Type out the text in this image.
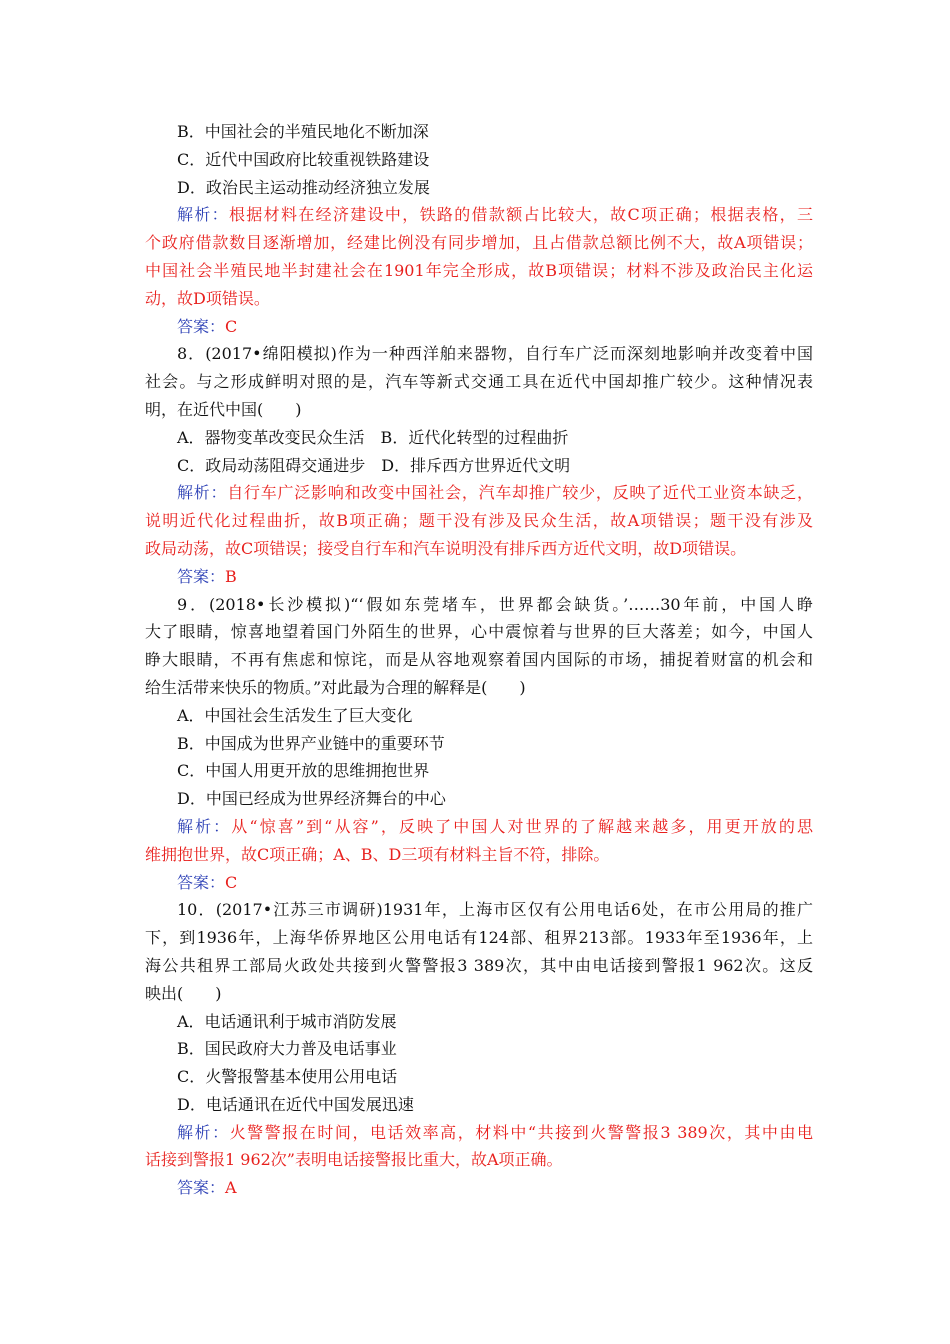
B．中国社会的半殖民地化不断加深
C．近代中国政府比较重视铁路建设
D．政治民主运动推动经济独立发展
解析：根据材料在经济建设中，铁路的借款额占比较大，故C项正确；根据表格，三
个政府借款数目逐渐增加，经建比例没有同步增加，且占借款总额比例不大，故A项错误；
中国社会半殖民地半封建社会在1901年完全形成，故B项错误；材料不涉及政治民主化运
动，故D项错误。
答案：C
8．(2017•绵阳模拟)作为一种西洋舶来器物，自行车广泛而深刻地影响并改变着中国
社会。与之形成鲜明对照的是，汽车等新式交通工具在近代中国却推广较少。这种情况表
明，在近代中国(　　)
A．器物变革改变民众生活　B．近代化转型的过程曲折
C．政局动荡阻碍交通进步　D．排斥西方世界近代文明
解析：自行车广泛影响和改变中国社会，汽车却推广较少，反映了近代工业资本缺乏，
说明近代化过程曲折，故B项正确；题干没有涉及民众生活，故A项错误；题干没有涉及
政局动荡，故C项错误；接受自行车和汽车说明没有排斥西方近代文明，故D项错误。
答案：B
9．(2018•长沙模拟)“‘假如东莞堵车，世界都会缺货。’……30年前，中国人睁
大了眼睛，惊喜地望着国门外陌生的世界，心中震惊着与世界的巨大落差；如今，中国人
睁大眼睛，不再有焦虑和惊诧，而是从容地观察着国内国际的市场，捕捉着财富的机会和
给生活带来快乐的物质。”对此最为合理的解释是(　　)
A．中国社会生活发生了巨大变化
B．中国成为世界产业链中的重要环节
C．中国人用更开放的思维拥抱世界
D．中国已经成为世界经济舞台的中心
解析：从“惊喜”到“从容”，反映了中国人对世界的了解越来越多，用更开放的思
维拥抱世界，故C项正确；A、B、D三项有材料主旨不符，排除。
答案：C
10．(2017•江苏三市调研)1931年，上海市区仅有公用电话6处，在市公用局的推广
下，到1936年，上海华侨界地区公用电话有124部、租界213部。1933年至1936年，上
海公共租界工部局火政处共接到火警警报3 389次，其中由电话接到警报1 962次。这反
映出(　　)
A．电话通讯利于城市消防发展
B．国民政府大力普及电话事业
C．火警报警基本使用公用电话
D．电话通讯在近代中国发展迅速
解析：火警警报在时间，电话效率高，材料中“共接到火警警报3 389次，其中由电
话接到警报1 962次”表明电话接警报比重大，故A项正确。
答案：A
